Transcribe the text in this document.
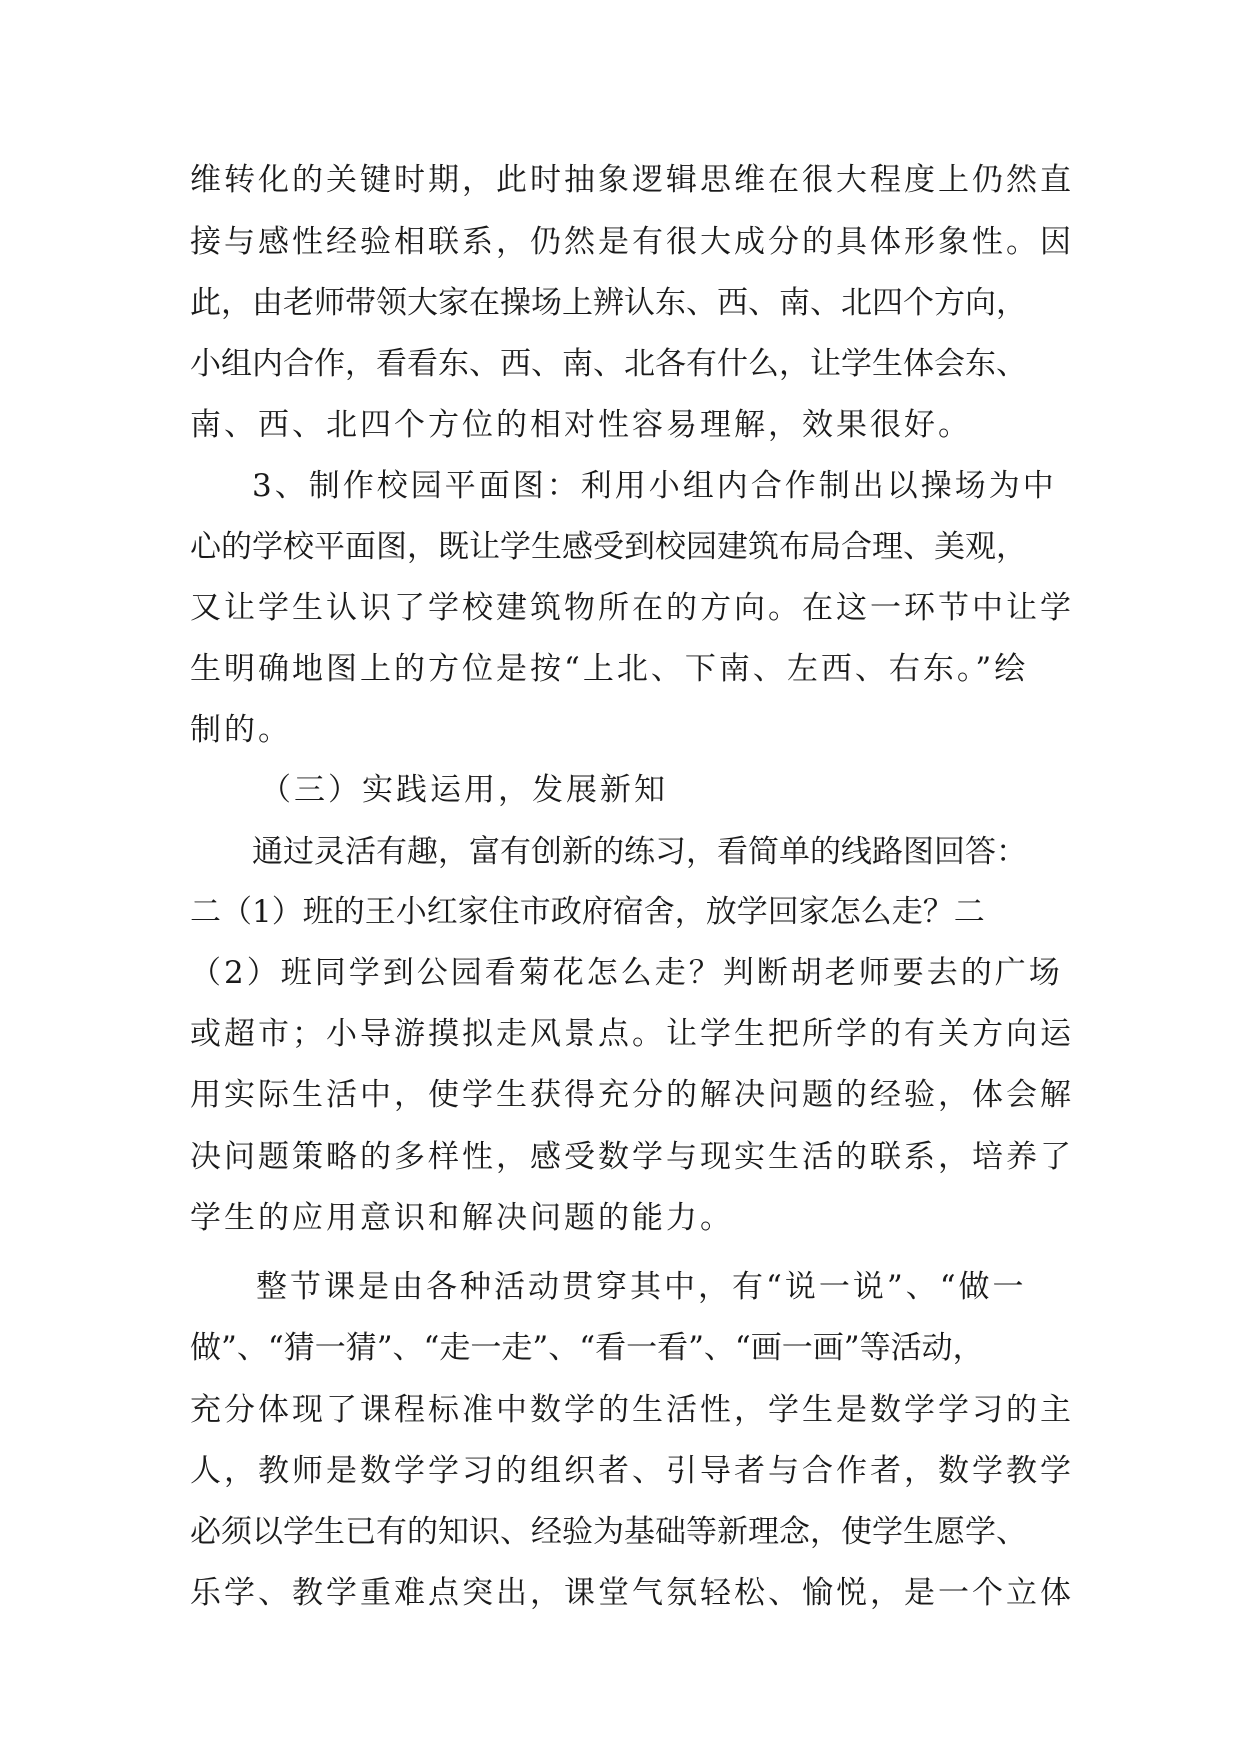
维转化的关键时期，此时抽象逻辑思维在很大程度上仍然直
接与感性经验相联系，仍然是有很大成分的具体形象性。因
此，由老师带领大家在操场上辨认东、西、南、北四个方向，
小组内合作，看看东、西、南、北各有什么，让学生体会东、
南、西、北四个方位的相对性容易理解，效果很好。
3、制作校园平面图：利用小组内合作制出以操场为中
心的学校平面图，既让学生感受到校园建筑布局合理、美观，
又让学生认识了学校建筑物所在的方向。在这一环节中让学
生明确地图上的方位是按“上北、下南、左西、右东。”绘
制的。
（三）实践运用，发展新知
通过灵活有趣，富有创新的练习，看简单的线路图回答：
二（1）班的王小红家住市政府宿舍，放学回家怎么走？二
（2）班同学到公园看菊花怎么走？判断胡老师要去的广场
或超市；小导游摸拟走风景点。让学生把所学的有关方向运
用实际生活中，使学生获得充分的解决问题的经验，体会解
决问题策略的多样性，感受数学与现实生活的联系，培养了
学生的应用意识和解决问题的能力。
整节课是由各种活动贯穿其中，有“说一说”、“做一
做”、“猜一猜”、“走一走”、“看一看”、“画一画”等活动，
充分体现了课程标准中数学的生活性，学生是数学学习的主
人，教师是数学学习的组织者、引导者与合作者，数学教学
必须以学生已有的知识、经验为基础等新理念，使学生愿学、
乐学、教学重难点突出，课堂气氛轻松、愉悦，是一个立体
